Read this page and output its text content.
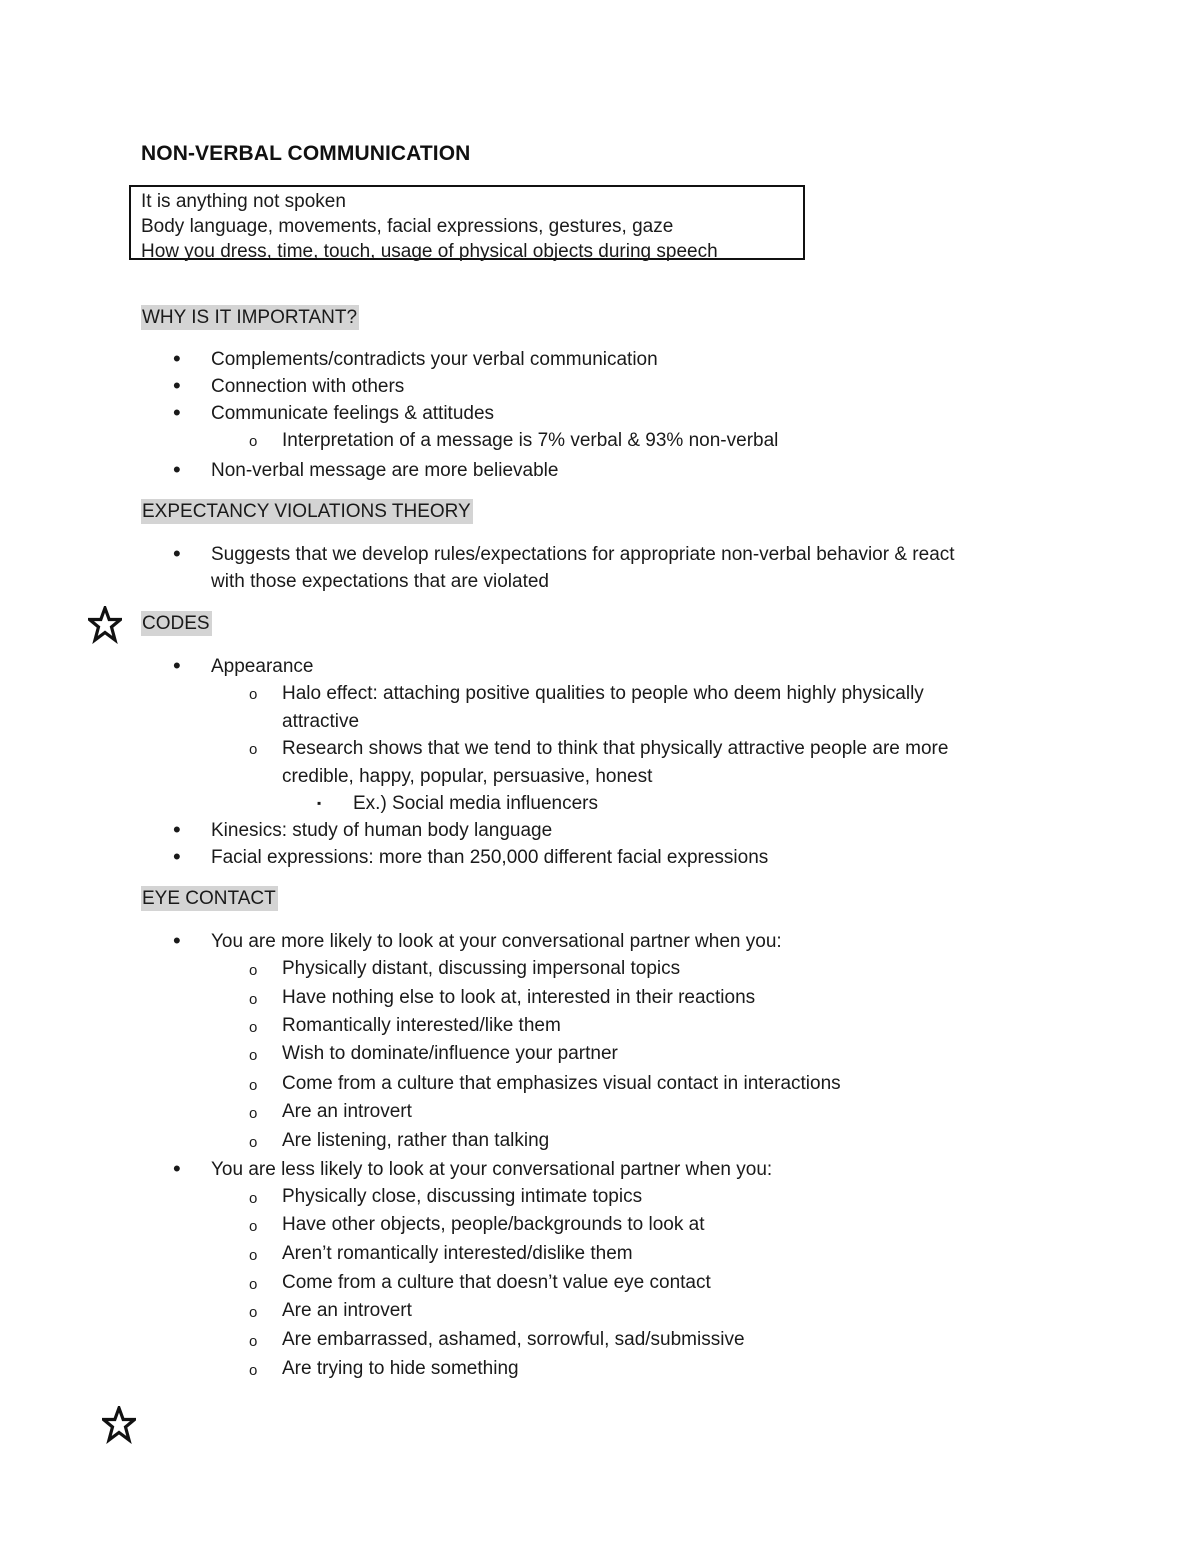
NON-VERBAL COMMUNICATION
It is anything not spoken
Body language, movements, facial expressions, gestures, gaze
How you dress, time, touch, usage of physical objects during speech
WHY IS IT IMPORTANT?
• Complements/contradicts your verbal communication
• Connection with others
• Communicate feelings & attitudes
o Interpretation of a message is 7% verbal & 93% non-verbal
• Non-verbal message are more believable
EXPECTANCY VIOLATIONS THEORY
• Suggests that we develop rules/expectations for appropriate non-verbal behavior & react
with those expectations that are violated
CODES
• Appearance
o Halo effect: attaching positive qualities to people who deem highly physically
attractive
o Research shows that we tend to think that physically attractive people are more
credible, happy, popular, persuasive, honest
▪ Ex.) Social media influencers
• Kinesics: study of human body language
• Facial expressions: more than 250,000 different facial expressions
EYE CONTACT
• You are more likely to look at your conversational partner when you:
o Physically distant, discussing impersonal topics
o Have nothing else to look at, interested in their reactions
o Romantically interested/like them
o Wish to dominate/influence your partner
o Come from a culture that emphasizes visual contact in interactions
o Are an introvert
o Are listening, rather than talking
• You are less likely to look at your conversational partner when you:
o Physically close, discussing intimate topics
o Have other objects, people/backgrounds to look at
o Aren’t romantically interested/dislike them
o Come from a culture that doesn’t value eye contact
o Are an introvert
o Are embarrassed, ashamed, sorrowful, sad/submissive
o Are trying to hide something
